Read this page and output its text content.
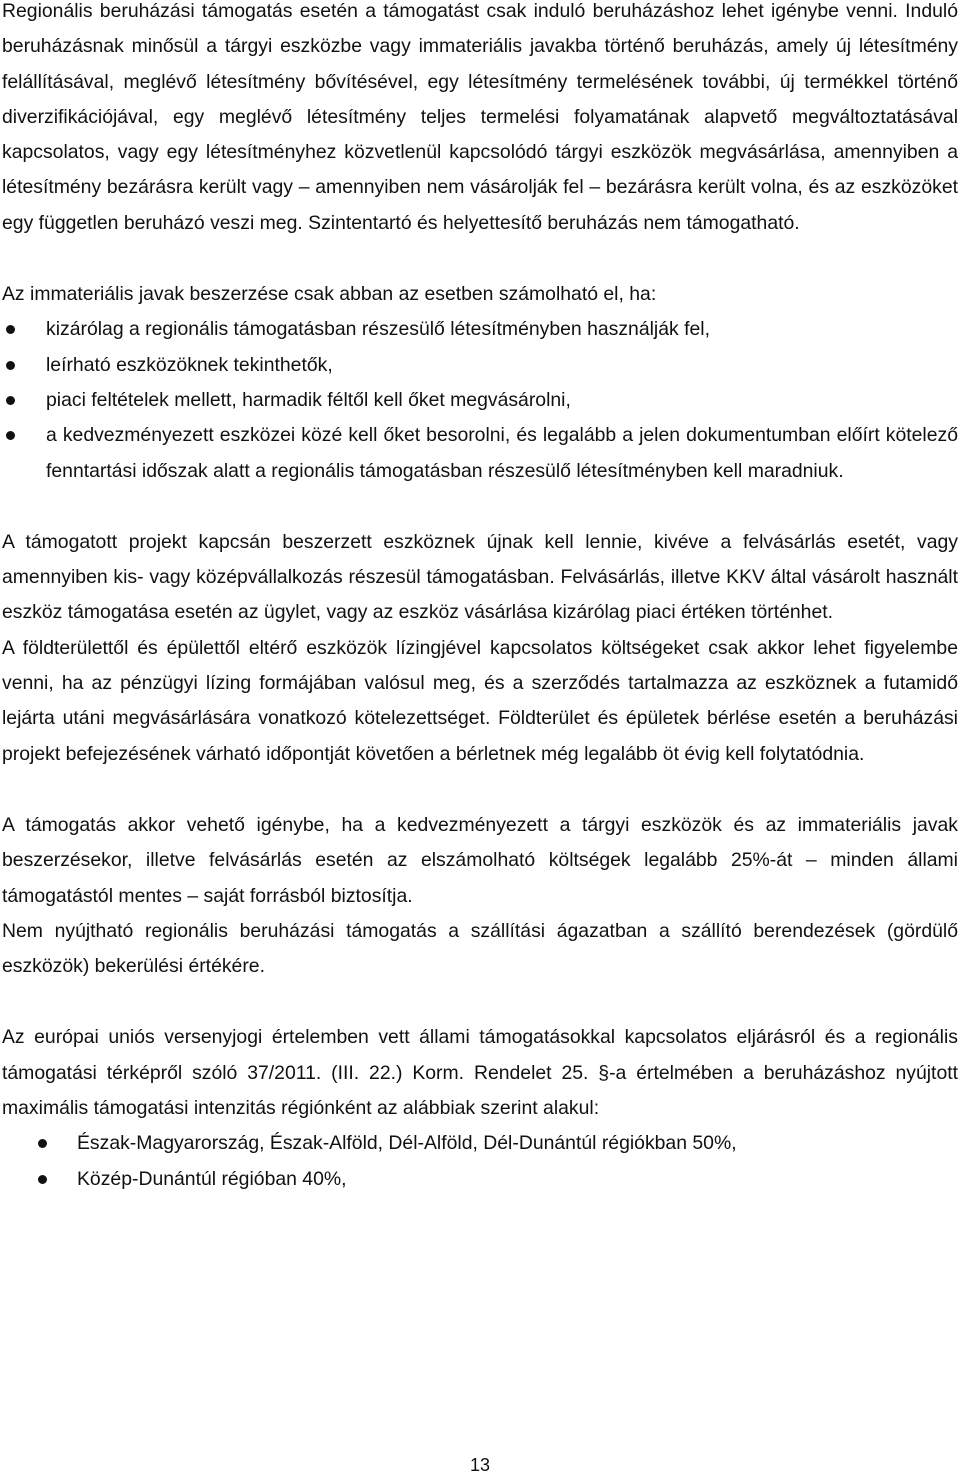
Regionális beruházási támogatás esetén a támogatást csak induló beruházáshoz lehet igénybe venni. Induló beruházásnak minősül a tárgyi eszközbe vagy immateriális javakba történő beruházás, amely új létesítmény felállításával, meglévő létesítmény bővítésével, egy létesítmény termelésének további, új termékkel történő diverzifikációjával, egy meglévő létesítmény teljes termelési folyamatának alapvető megváltoztatásával kapcsolatos, vagy egy létesítményhez közvetlenül kapcsolódó tárgyi eszközök megvásárlása, amennyiben a létesítmény bezárásra került vagy – amennyiben nem vásárolják fel – bezárásra került volna, és az eszközöket egy független beruházó veszi meg. Szintentartó és helyettesítő beruházás nem támogatható.

Az immateriális javak beszerzése csak abban az esetben számolható el, ha:

kizárólag a regionális támogatásban részesülő létesítményben használják fel,
leírható eszközöknek tekinthetők,
piaci feltételek mellett, harmadik féltől kell őket megvásárolni,
a kedvezményezett eszközei közé kell őket besorolni, és legalább a jelen dokumentumban előírt kötelező fenntartási időszak alatt a regionális támogatásban részesülő létesítményben kell maradniuk.

A támogatott projekt kapcsán beszerzett eszköznek újnak kell lennie, kivéve a felvásárlás esetét, vagy amennyiben kis- vagy középvállalkozás részesül támogatásban. Felvásárlás, illetve KKV által vásárolt használt eszköz támogatása esetén az ügylet, vagy az eszköz vásárlása kizárólag piaci értéken történhet.

A földterülettől és épülettől eltérő eszközök lízingjével kapcsolatos költségeket csak akkor lehet figyelembe venni, ha az pénzügyi lízing formájában valósul meg, és a szerződés tartalmazza az eszköznek a futamidő lejárta utáni megvásárlására vonatkozó kötelezettséget. Földterület és épületek bérlése esetén a beruházási projekt befejezésének várható időpontját követően a bérletnek még legalább öt évig kell folytatódnia.

A támogatás akkor vehető igénybe, ha a kedvezményezett a tárgyi eszközök és az immateriális javak beszerzésekor, illetve felvásárlás esetén az elszámolható költségek legalább 25%-át – minden állami támogatástól mentes – saját forrásból biztosítja.

Nem nyújtható regionális beruházási támogatás a szállítási ágazatban a szállító berendezések (gördülő eszközök) bekerülési értékére.

Az európai uniós versenyjogi értelemben vett állami támogatásokkal kapcsolatos eljárásról és a regionális támogatási térképről szóló 37/2011. (III. 22.) Korm. Rendelet 25. §-a értelmében a beruházáshoz nyújtott maximális támogatási intenzitás régiónként az alábbiak szerint alakul:

Észak-Magyarország, Észak-Alföld, Dél-Alföld, Dél-Dunántúl régiókban 50%,
Közép-Dunántúl régióban 40%,
13
